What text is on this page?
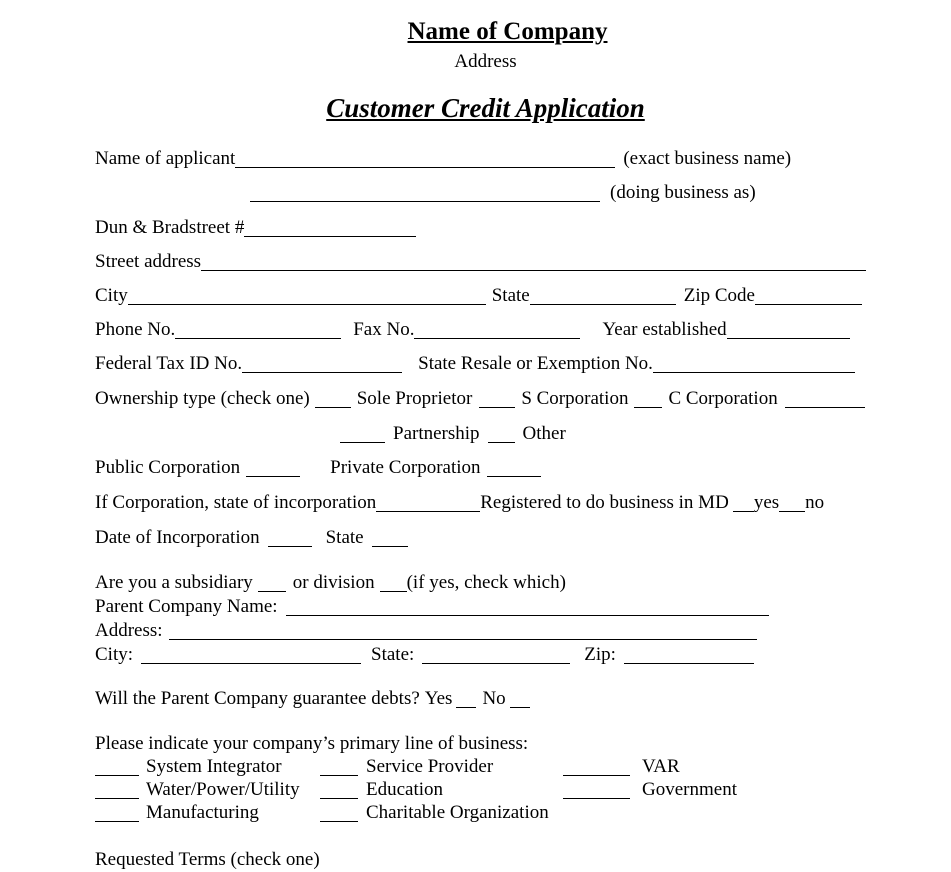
Name of Company
Address
Customer Credit Application
Name of applicant	(exact business name)
(doing business as)
Dun & Bradstreet #
Street address
City	State	Zip Code
Phone No.	Fax No.	Year established
Federal Tax ID No.	State Resale or Exemption No.
Ownership type (check one) Sole Proprietor	S Corporation C Corporation
Partnership Other
Public Corporation	Private Corporation
If Corporation, state of incorporation	Registered to do business in MD yes no
Date of Incorporation	State
Are you a subsidiary or division (if yes, check which)
Parent Company Name:
Address:
City:	State:	Zip:
Will the Parent Company guarantee debts? Yes No
Please indicate your company’s primary line of business:
System Integrator	Service Provider	VAR
Water/Power/Utility	Education	Government
Manufacturing	Charitable Organization
Requested Terms (check one)
